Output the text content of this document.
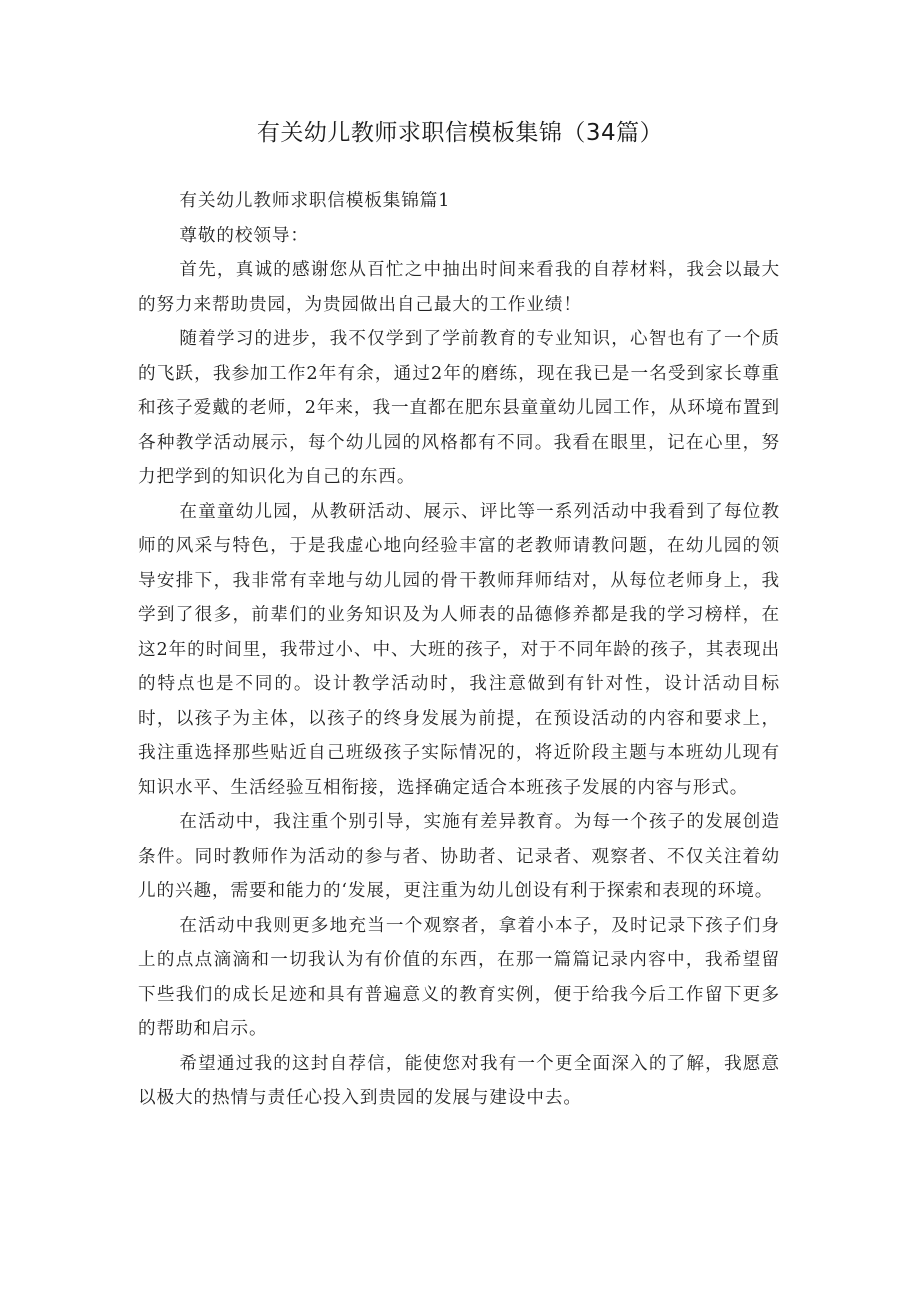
有关幼儿教师求职信模板集锦（34篇）

有关幼儿教师求职信模板集锦篇1

尊敬的校领导：

首先，真诚的感谢您从百忙之中抽出时间来看我的自荐材料，我会以最大的努力来帮助贵园，为贵园做出自己最大的工作业绩！

随着学习的进步，我不仅学到了学前教育的专业知识，心智也有了一个质的飞跃，我参加工作2年有余，通过2年的磨练，现在我已是一名受到家长尊重和孩子爱戴的老师，2年来，我一直都在肥东县童童幼儿园工作，从环境布置到各种教学活动展示，每个幼儿园的风格都有不同。我看在眼里，记在心里，努力把学到的知识化为自己的东西。

在童童幼儿园，从教研活动、展示、评比等一系列活动中我看到了每位教师的风采与特色，于是我虚心地向经验丰富的老教师请教问题，在幼儿园的领导安排下，我非常有幸地与幼儿园的骨干教师拜师结对，从每位老师身上，我学到了很多，前辈们的业务知识及为人师表的品德修养都是我的学习榜样，在这2年的时间里，我带过小、中、大班的孩子，对于不同年龄的孩子，其表现出的特点也是不同的。设计教学活动时，我注意做到有针对性，设计活动目标时，以孩子为主体，以孩子的终身发展为前提，在预设活动的内容和要求上，我注重选择那些贴近自己班级孩子实际情况的，将近阶段主题与本班幼儿现有知识水平、生活经验互相衔接，选择确定适合本班孩子发展的内容与形式。

在活动中，我注重个别引导，实施有差异教育。为每一个孩子的发展创造条件。同时教师作为活动的参与者、协助者、记录者、观察者、不仅关注着幼儿的兴趣，需要和能力的‘发展，更注重为幼儿创设有利于探索和表现的环境。

在活动中我则更多地充当一个观察者，拿着小本子，及时记录下孩子们身上的点点滴滴和一切我认为有价值的东西，在那一篇篇记录内容中，我希望留下些我们的成长足迹和具有普遍意义的教育实例，便于给我今后工作留下更多的帮助和启示。

希望通过我的这封自荐信，能使您对我有一个更全面深入的了解，我愿意以极大的热情与责任心投入到贵园的发展与建设中去。
